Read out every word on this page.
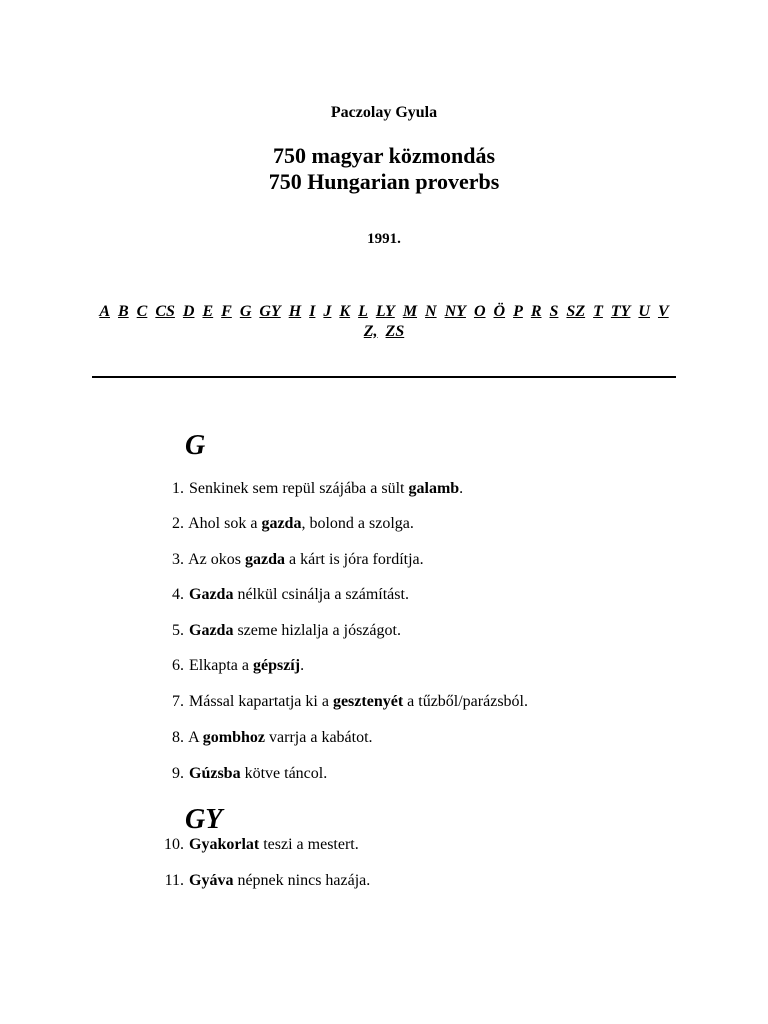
Paczolay Gyula
750 magyar közmondás
750 Hungarian proverbs
1991.
A B C CS D E F G GY H I J K L LY M N NY O Ö P R S SZ T TY U V Z, ZS
G
1. Senkinek sem repül szájába a sült galamb.
2. Ahol sok a gazda, bolond a szolga.
3. Az okos gazda a kárt is jóra fordítja.
4. Gazda nélkül csinálja a számítást.
5. Gazda szeme hizlalja a jószágot.
6. Elkapta a gépszíj.
7. Mással kapartatja ki a gesztenyét a tűzből/parázsból.
8. A gombhoz varrja a kabátot.
9. Gúzsba kötve táncol.
GY
10. Gyakorlat teszi a mestert.
11. Gyáva népnek nincs hazája.
